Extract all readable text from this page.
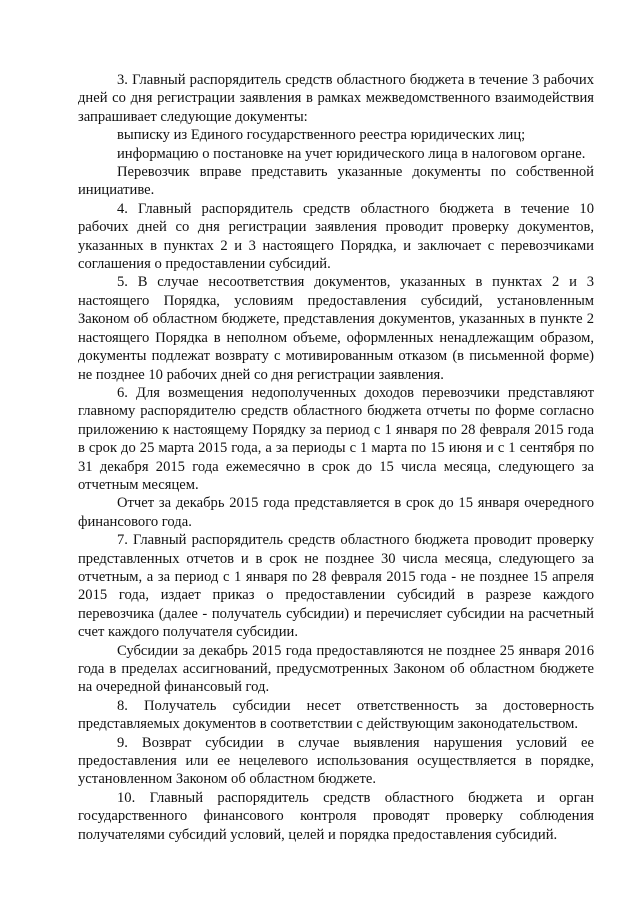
3. Главный распорядитель средств областного бюджета в течение 3 рабочих дней со дня регистрации заявления в рамках межведомственного взаимодействия запрашивает следующие документы:

выписку из Единого государственного реестра юридических лиц;

информацию о постановке на учет юридического лица в налоговом органе.

Перевозчик вправе представить указанные документы по собственной инициативе.

4. Главный распорядитель средств областного бюджета в течение 10 рабочих дней со дня регистрации заявления проводит проверку документов, указанных в пунктах 2 и 3 настоящего Порядка, и заключает с перевозчиками соглашения о предоставлении субсидий.

5. В случае несоответствия документов, указанных в пунктах 2 и 3 настоящего Порядка, условиям предоставления субсидий, установленным Законом об областном бюджете, представления документов, указанных в пункте 2 настоящего Порядка в неполном объеме, оформленных ненадлежащим образом, документы подлежат возврату с мотивированным отказом (в письменной форме) не позднее 10 рабочих дней со дня регистрации заявления.

6. Для возмещения недополученных доходов перевозчики представляют главному распорядителю средств областного бюджета отчеты по форме согласно приложению к настоящему Порядку за период с 1 января по 28 февраля 2015 года в срок до 25 марта 2015 года, а за периоды с 1 марта по 15 июня и с 1 сентября по 31 декабря 2015 года ежемесячно в срок до 15 числа месяца, следующего за отчетным месяцем.

Отчет за декабрь 2015 года представляется в срок до 15 января очередного финансового года.

7. Главный распорядитель средств областного бюджета проводит проверку представленных отчетов и в срок не позднее 30 числа месяца, следующего за отчетным, а за период с 1 января по 28 февраля 2015 года - не позднее 15 апреля 2015 года, издает приказ о предоставлении субсидий в разрезе каждого перевозчика (далее - получатель субсидии) и перечисляет субсидии на расчетный счет каждого получателя субсидии.

Субсидии за декабрь 2015 года предоставляются не позднее 25 января 2016 года в пределах ассигнований, предусмотренных Законом об областном бюджете на очередной финансовый год.

8. Получатель субсидии несет ответственность за достоверность представляемых документов в соответствии с действующим законодательством.

9. Возврат субсидии в случае выявления нарушения условий ее предоставления или ее нецелевого использования осуществляется в порядке, установленном Законом об областном бюджете.

10. Главный распорядитель средств областного бюджета и орган государственного финансового контроля проводят проверку соблюдения получателями субсидий условий, целей и порядка предоставления субсидий.
